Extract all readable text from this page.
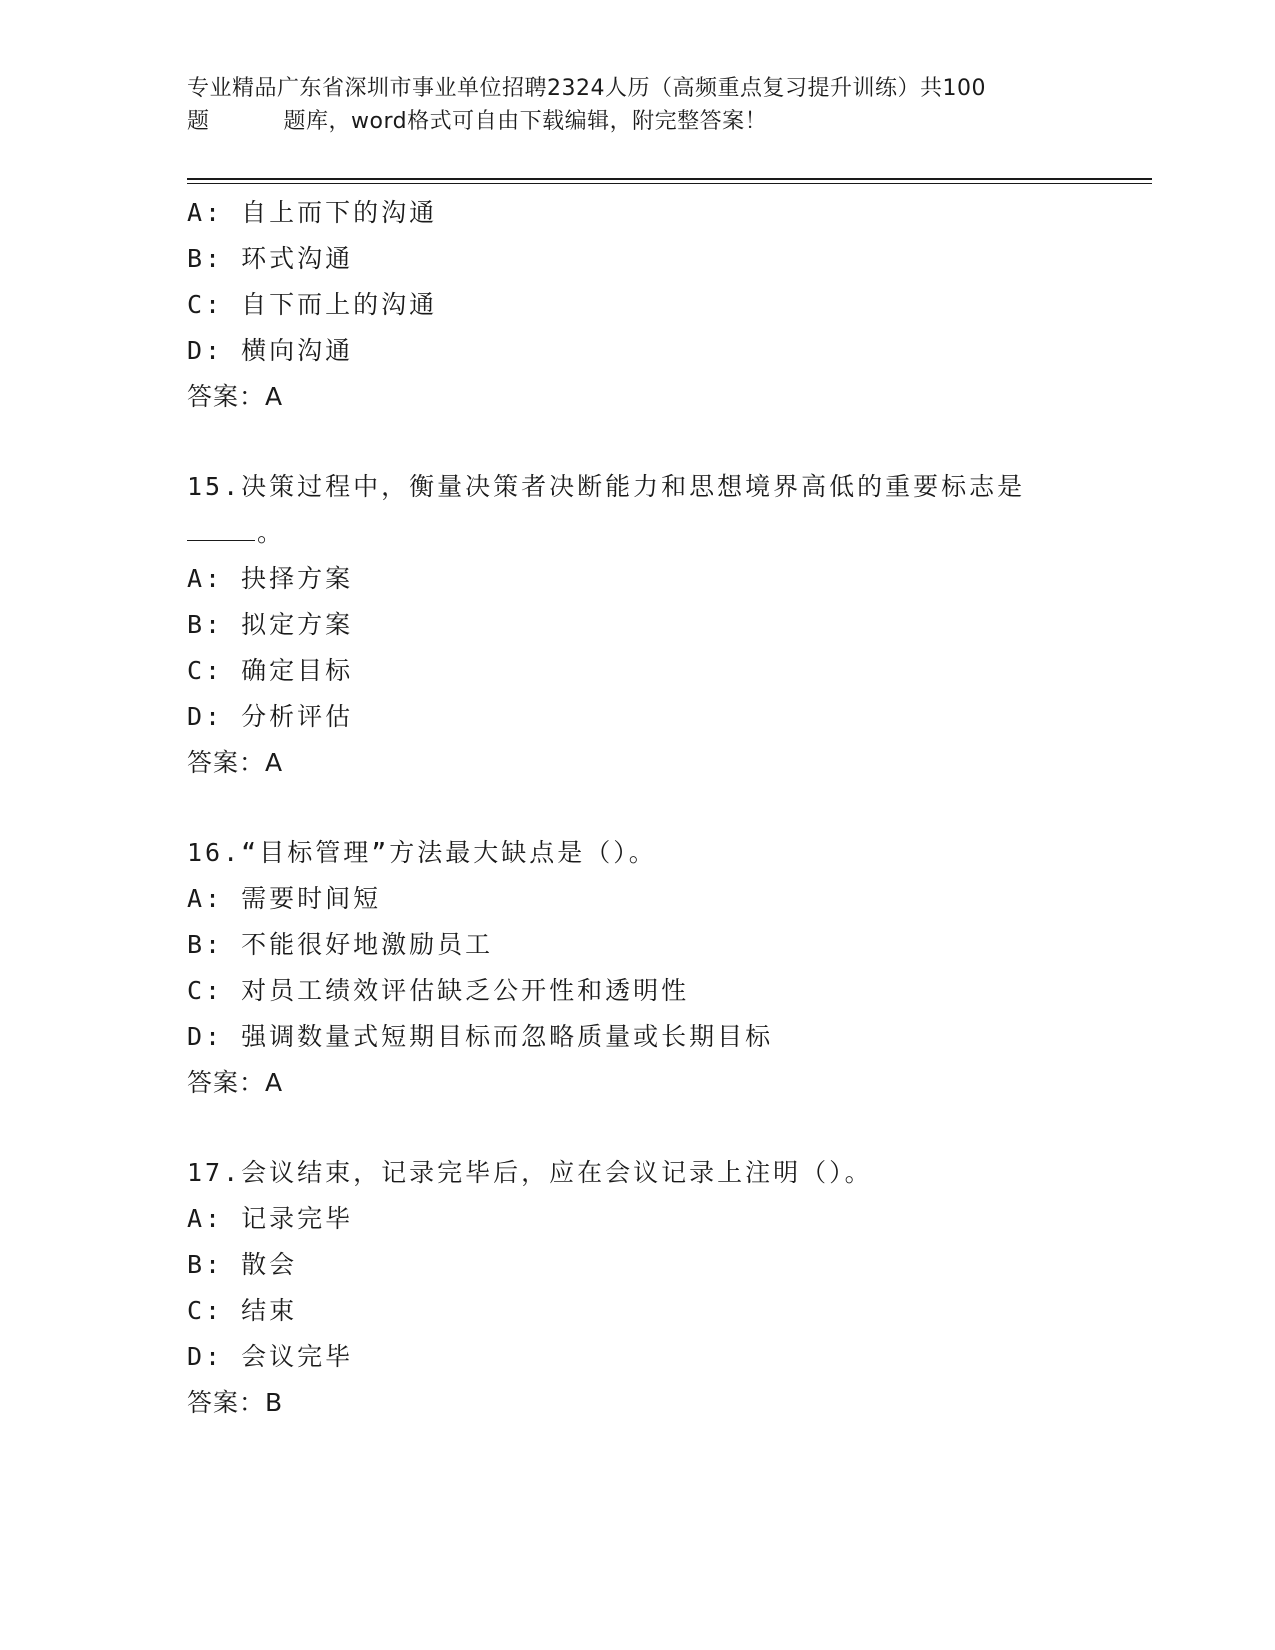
专业精品广东省深圳市事业单位招聘2324人历（高频重点复习提升训练）共100
题	题库，word格式可自由下载编辑，附完整答案！
A: 自上而下的沟通
B: 环式沟通
C: 自下而上的沟通
D: 横向沟通
答案：A
15.决策过程中，衡量决策者决断能力和思想境界高低的重要标志是
。
A: 抉择方案
B: 拟定方案
C: 确定目标
D: 分析评估
答案：A
16.“目标管理”方法最大缺点是（）。
A: 需要时间短
B: 不能很好地激励员工
C: 对员工绩效评估缺乏公开性和透明性
D: 强调数量式短期目标而忽略质量或长期目标
答案：A
17.会议结束，记录完毕后，应在会议记录上注明（）。
A: 记录完毕
B: 散会
C: 结束
D: 会议完毕
答案：B
